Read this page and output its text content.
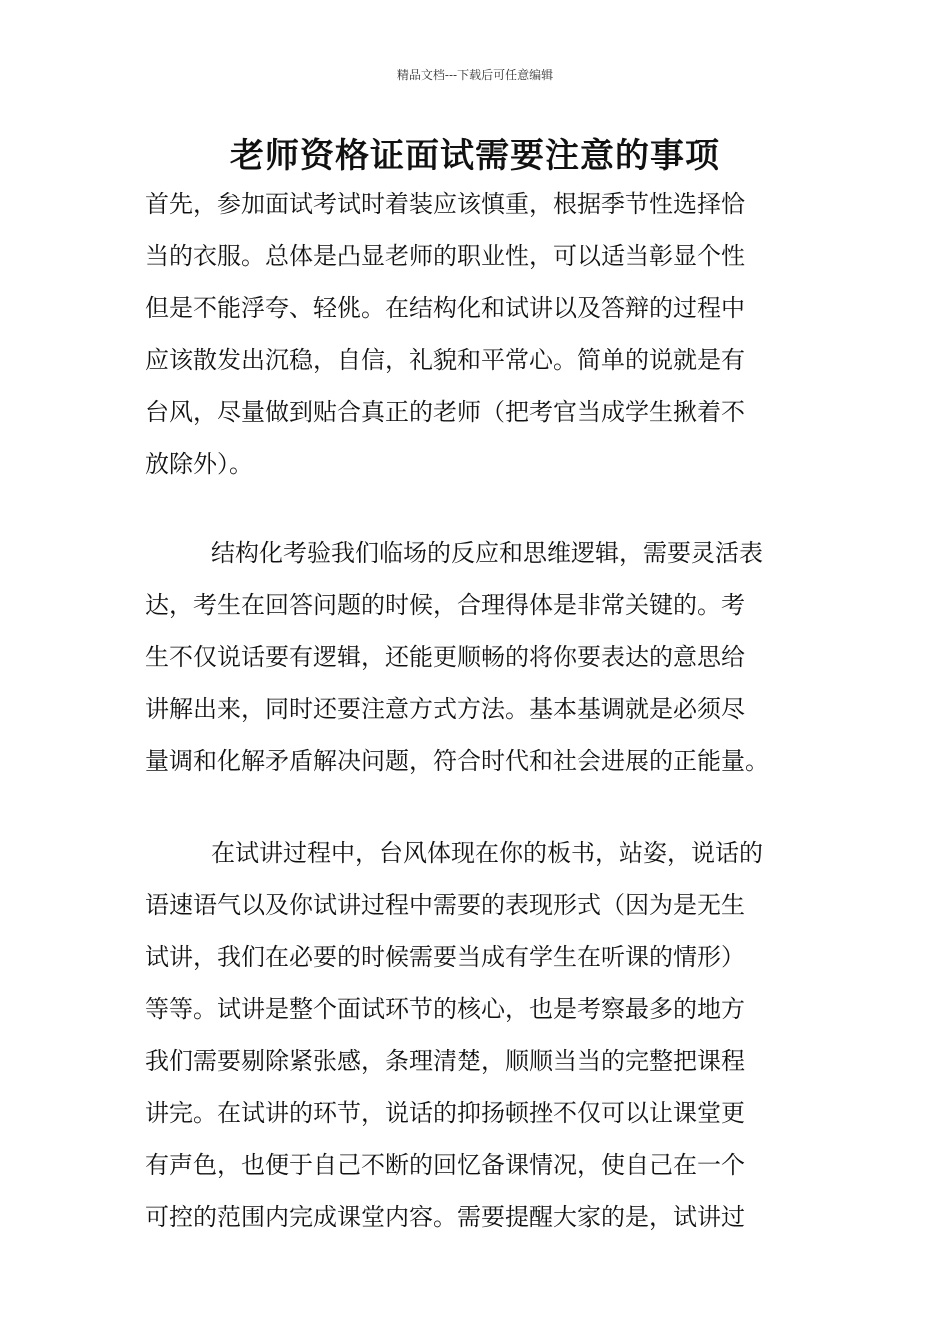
精品文档---下载后可任意编辑
老师资格证面试需要注意的事项
首先，参加面试考试时着装应该慎重，根据季节性选择恰
当的衣服。总体是凸显老师的职业性，可以适当彰显个性
但是不能浮夸、轻佻。在结构化和试讲以及答辩的过程中
应该散发出沉稳，自信，礼貌和平常心。简单的说就是有
台风，尽量做到贴合真正的老师（把考官当成学生揪着不
放除外）。
结构化考验我们临场的反应和思维逻辑，需要灵活表
达，考生在回答问题的时候，合理得体是非常关键的。考
生不仅说话要有逻辑，还能更顺畅的将你要表达的意思给
讲解出来，同时还要注意方式方法。基本基调就是必须尽
量调和化解矛盾解决问题，符合时代和社会进展的正能量。
在试讲过程中，台风体现在你的板书，站姿，说话的
语速语气以及你试讲过程中需要的表现形式（因为是无生
试讲，我们在必要的时候需要当成有学生在听课的情形）
等等。试讲是整个面试环节的核心，也是考察最多的地方
我们需要剔除紧张感，条理清楚，顺顺当当的完整把课程
讲完。在试讲的环节，说话的抑扬顿挫不仅可以让课堂更
有声色，也便于自己不断的回忆备课情况，使自己在一个
可控的范围内完成课堂内容。需要提醒大家的是，试讲过
